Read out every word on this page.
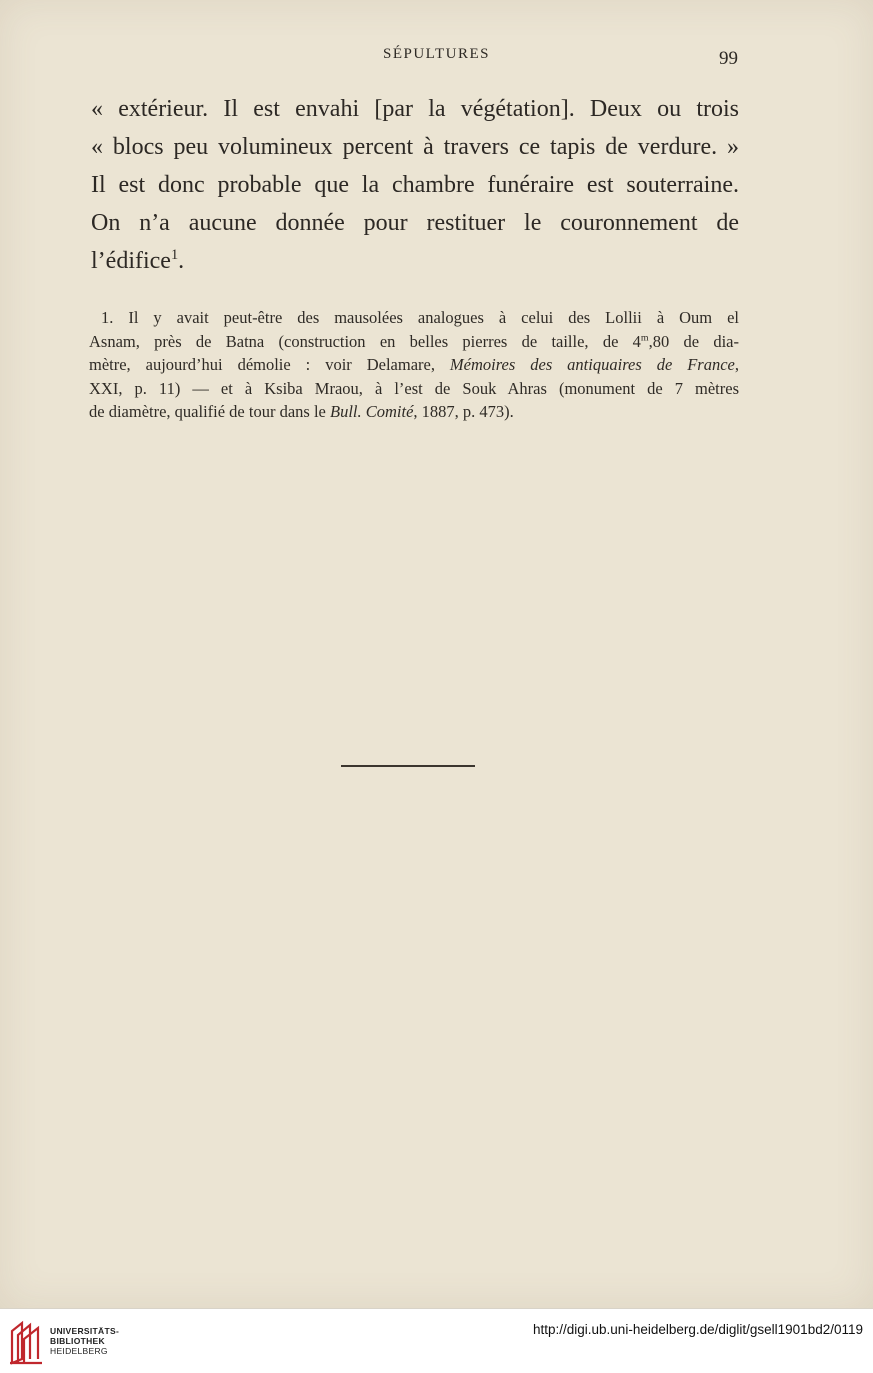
SÉPULTURES	99
« extérieur. Il est envahi [par la végétation]. Deux ou trois
« blocs peu volumineux percent à travers ce tapis de verdure. »
Il est donc probable que la chambre funéraire est souterraine.
On n’a aucune donnée pour restituer le couronnement de
l’édifice$^1$.
1. Il y avait peut-être des mausolées analogues à celui des Lollii à Oum el
Asnam, près de Batna (construction en belles pierres de taille, de 4$^m$,80 de dia-
mètre, aujourd’hui démolie : voir Delamare, Mémoires des antiquaires de France,
XXI, p. 11) — et à Ksiba Mraou, à l’est de Souk Ahras (monument de 7 mètres
de diamètre, qualifié de tour dans le Bull. Comité, 1887, p. 473).
UNIVERSITÄTS-
BIBLIOTHEK
HEIDELBERG
http://digi.ub.uni-heidelberg.de/diglit/gsell1901bd2/0119
